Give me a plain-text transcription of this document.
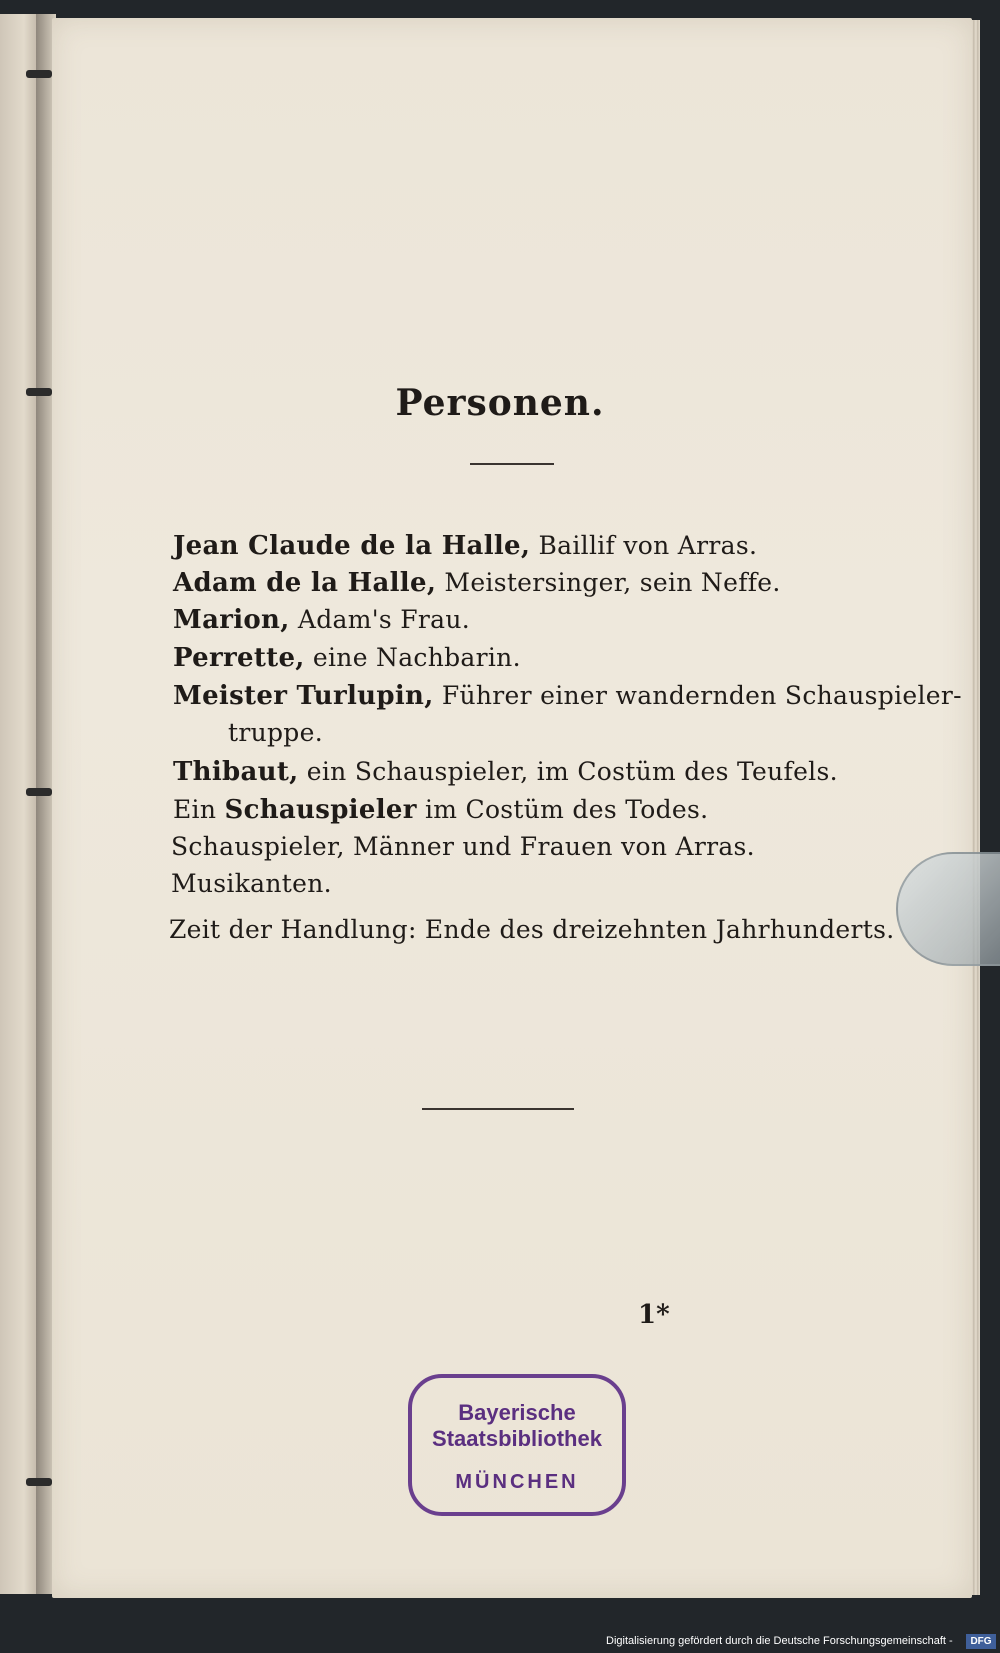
Personen.
Jean Claude de la Halle, Baillif von Arras.
Adam de la Halle, Meistersinger, sein Neffe.
Marion, Adam's Frau.
Perrette, eine Nachbarin.
Meister Turlupin, Führer einer wandernden Schauspieler-
truppe.
Thibaut, ein Schauspieler, im Costüm des Teufels.
Ein Schauspieler im Costüm des Todes.
Schauspieler, Männer und Frauen von Arras.
Musikanten.
Zeit der Handlung: Ende des dreizehnten Jahrhunderts.
1*
Bayerische
Staatsbibliothek
MÜNCHEN
Digitalisierung gefördert durch die Deutsche Forschungsgemeinschaft -	DFG
